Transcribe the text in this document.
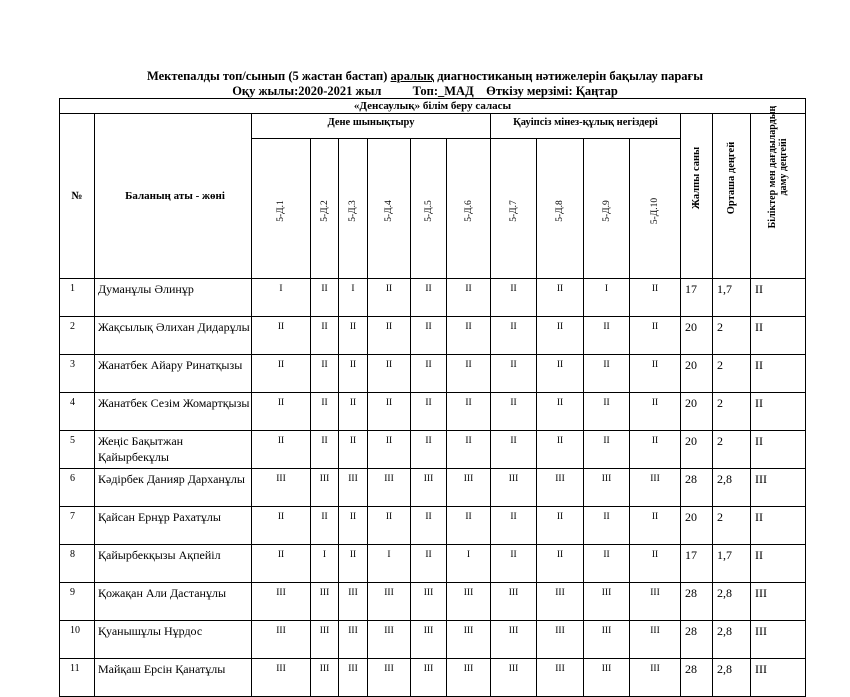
Мектепалды топ/сынып (5 жастан бастап) аралық диагностиканың нәтижелерін бақылау парағы
Оқу жылы:2020-2021 жыл          Топ:_МАД    Өткізу мерзімі: Қаңтар
«Денсаулық» білім беру саласы														
№	Баланың аты - жөні	Дене шынықтыру						Қауіпсіз мінез-құлық негіздері				Жалпы саны	Орташа деңгей	Біліктер мен дағдылардың даму деңгейі

		5-Д.1	5-Д.2	5-Д.3	5-Д.4	5-Д.5	5-Д.6	5-Д.7	5-Д.8	5-Д.9	5-Д.10			

1	Думанұлы Әлинұр	I	II	I	II	II	II	II	II	I	II	17	1,7	II
2	Жақсылық Әлихан Дидарұлы	II	II	II	II	II	II	II	II	II	II	20	2	II
3	Жанатбек Айару Ринатқызы	II	II	II	II	II	II	II	II	II	II	20	2	II
4	Жанатбек Сезім Жомартқызы	II	II	II	II	II	II	II	II	II	II	20	2	II
5	Жеңіс Бақытжан Қайырбекұлы	II	II	II	II	II	II	II	II	II	II	20	2	II
6	Кәдірбек Данияр Дарханұлы	III	III	III	III	III	III	III	III	III	III	28	2,8	III
7	Қайсан Ернұр Рахатұлы	II	II	II	II	II	II	II	II	II	II	20	2	II
8	Қайырбекқызы Ақпейіл	II	I	II	I	II	I	II	II	II	II	17	1,7	II
9	Қожақан Али Дастанұлы	III	III	III	III	III	III	III	III	III	III	28	2,8	III
10	Қуанышұлы Нұрдос	III	III	III	III	III	III	III	III	III	III	28	2,8	III
11	Майқаш Ерсін Қанатұлы	III	III	III	III	III	III	III	III	III	III	28	2,8	III
